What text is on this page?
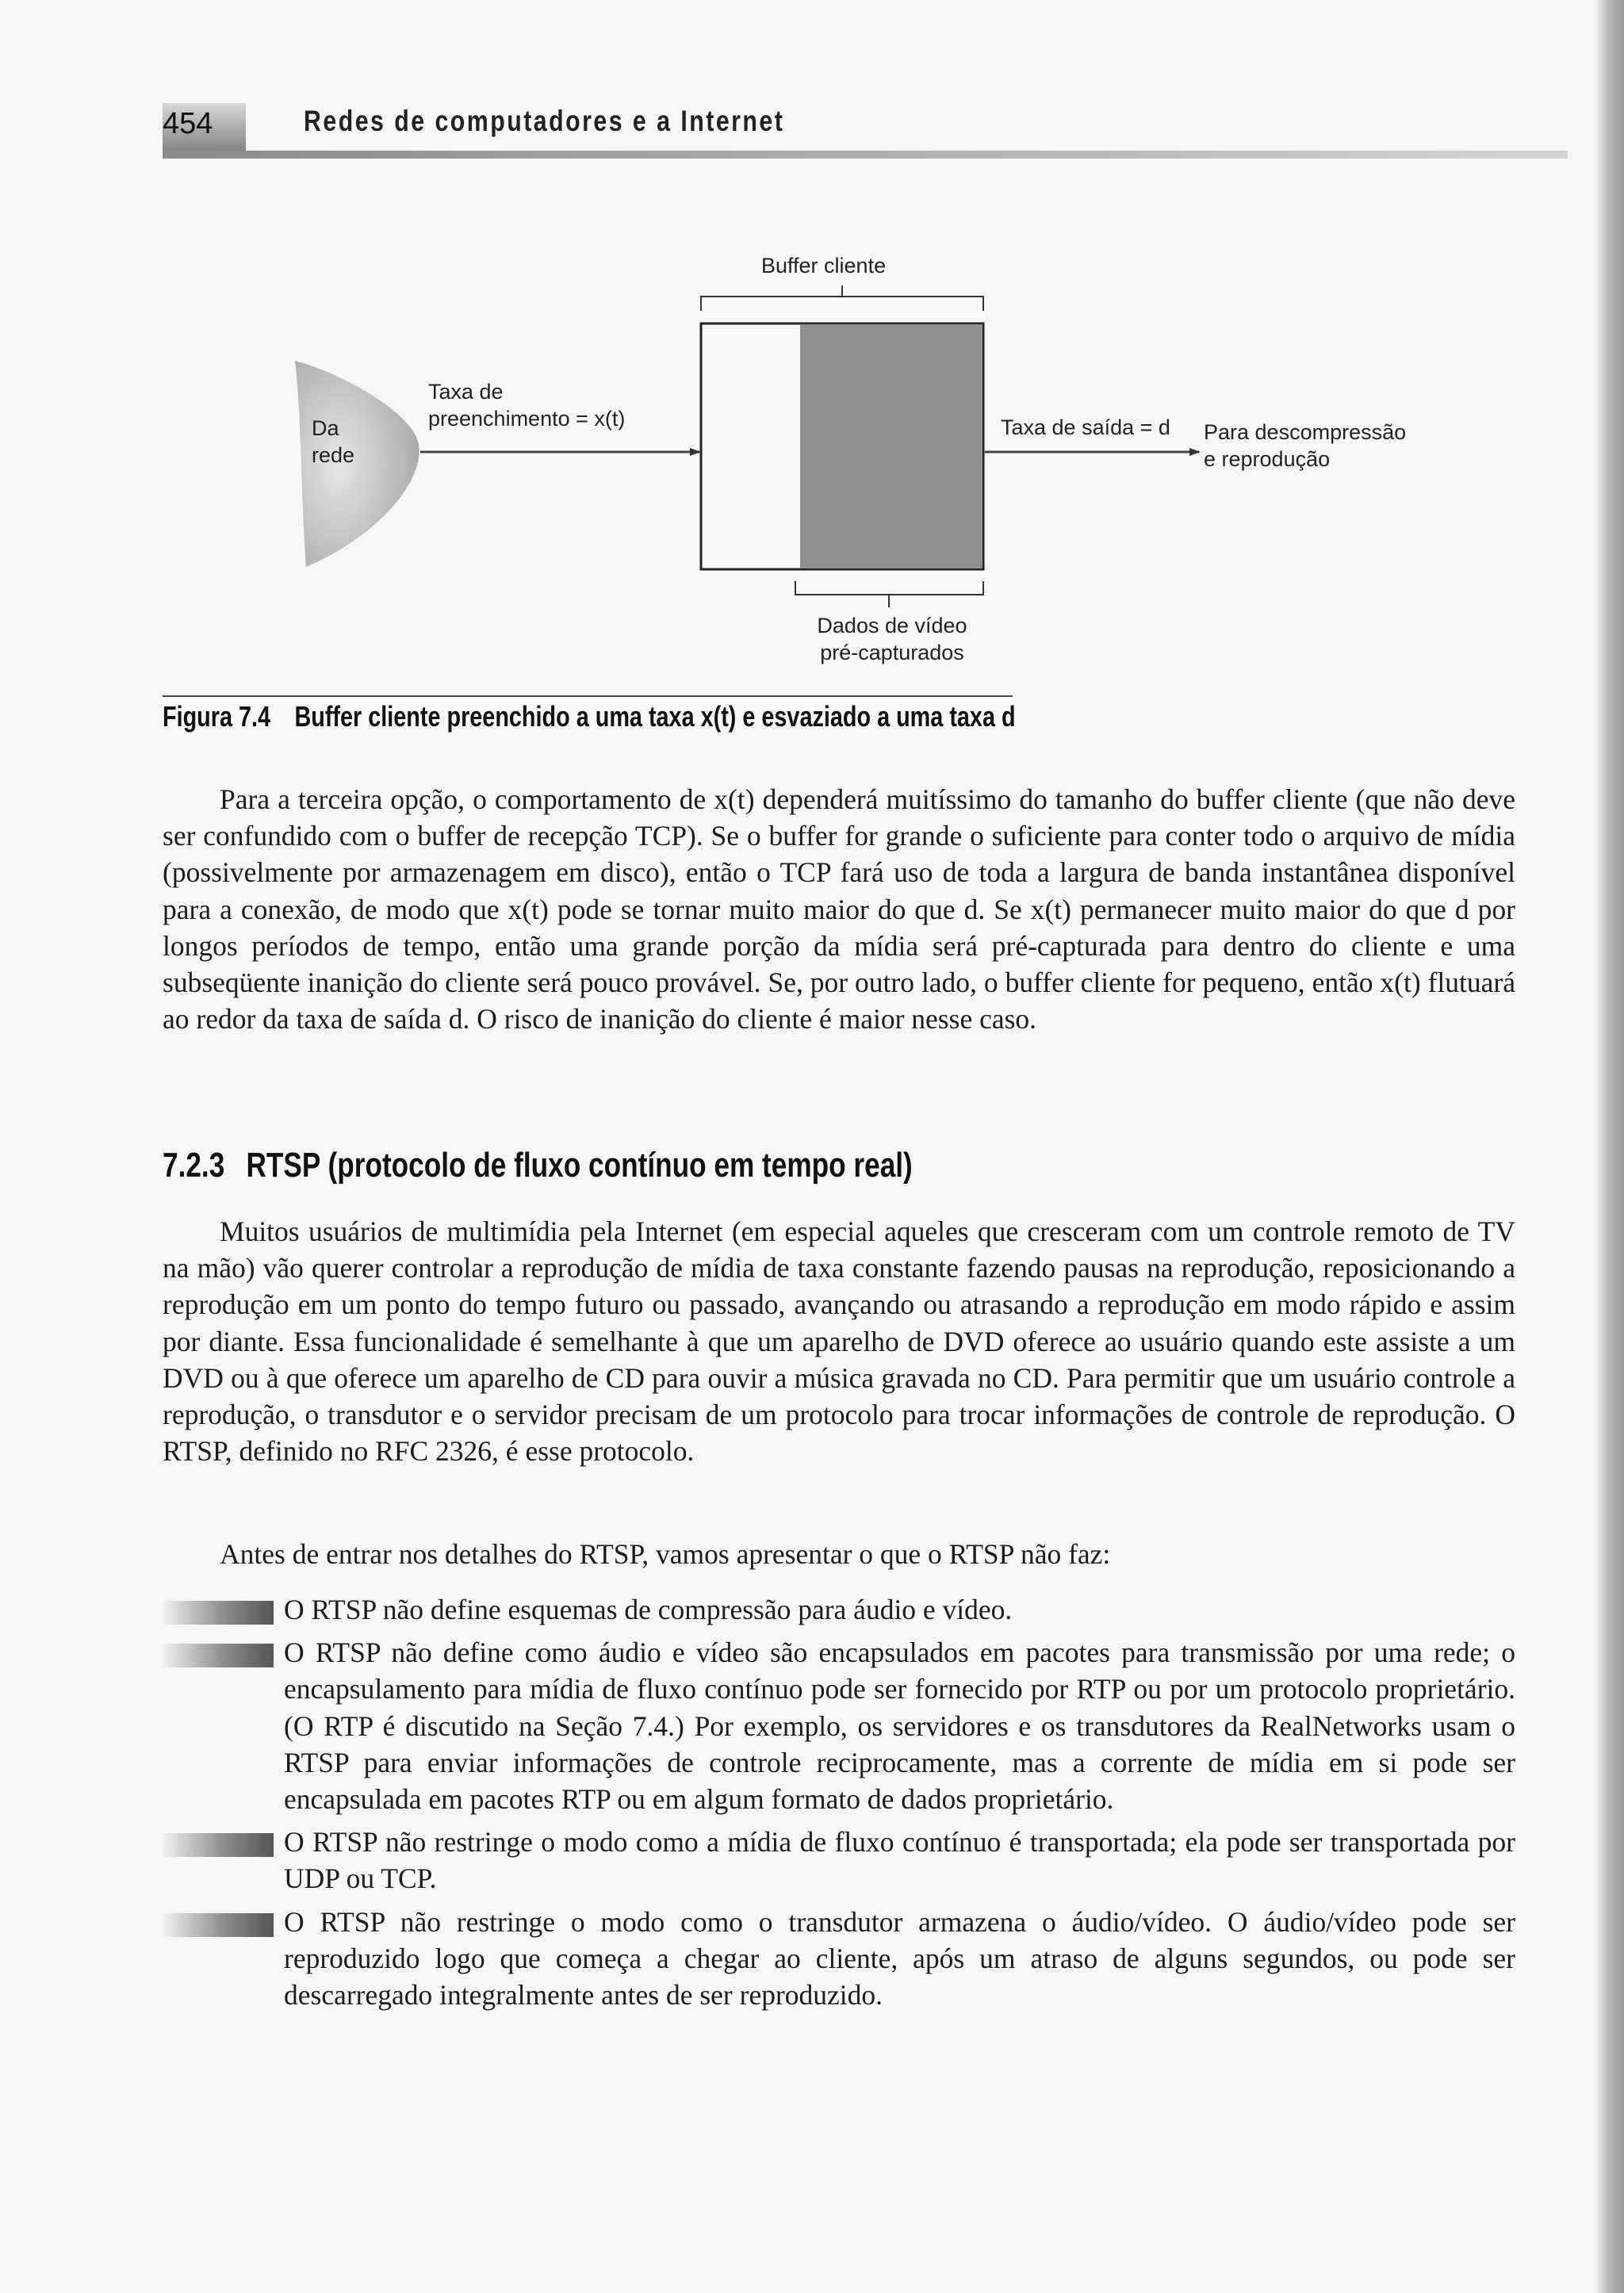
454	Redes de computadores e a Internet
Buffer cliente
Da
rede
Taxa de
preenchimento = x(t)	Taxa de saída = d Para descompressão
e reprodução
Dados de vídeo
pré-capturados
Figura 7.4 Buffer cliente preenchido a uma taxa x(t) e esvaziado a uma taxa d

Para a terceira opção, o comportamento de x(t) dependerá muitíssimo do tamanho do buffer cliente (que não deve ser confundido com o buffer de recepção TCP). Se o buffer for grande o suficiente para conter todo o arquivo de mídia (possivelmente por armazenagem em disco), então o TCP fará uso de toda a largura de banda instantânea disponível para a conexão, de modo que x(t) pode se tornar muito maior do que d. Se x(t) permanecer muito maior do que d por longos períodos de tempo, então uma grande porção da mídia será pré-capturada para dentro do cliente e uma subseqüente inanição do cliente será pouco provável. Se, por outro lado, o buffer cliente for pequeno, então x(t) flutuará ao redor da taxa de saída d. O risco de inanição do cliente é maior nesse caso.

7.2.3 RTSP (protocolo de fluxo contínuo em tempo real)

Muitos usuários de multimídia pela Internet (em especial aqueles que cresceram com um controle remoto de TV na mão) vão querer controlar a reprodução de mídia de taxa constante fazendo pausas na reprodução, reposicionando a reprodução em um ponto do tempo futuro ou passado, avançando ou atrasando a reprodução em modo rápido e assim por diante. Essa funcionalidade é semelhante à que um aparelho de DVD oferece ao usuário quando este assiste a um DVD ou à que oferece um aparelho de CD para ouvir a música gravada no CD. Para permitir que um usuário controle a reprodução, o transdutor e o servidor precisam de um protocolo para trocar informações de controle de reprodução. O RTSP, definido no RFC 2326, é esse protocolo.

Antes de entrar nos detalhes do RTSP, vamos apresentar o que o RTSP não faz:

O RTSP não define esquemas de compressão para áudio e vídeo.
O RTSP não define como áudio e vídeo são encapsulados em pacotes para transmissão por uma rede; o encapsulamento para mídia de fluxo contínuo pode ser fornecido por RTP ou por um protocolo proprietário. (O RTP é discutido na Seção 7.4.) Por exemplo, os servidores e os transdutores da RealNetworks usam o RTSP para enviar informações de controle reciprocamente, mas a corrente de mídia em si pode ser encapsulada em pacotes RTP ou em algum formato de dados proprietário.
O RTSP não restringe o modo como a mídia de fluxo contínuo é transportada; ela pode ser transportada por UDP ou TCP.
O RTSP não restringe o modo como o transdutor armazena o áudio/vídeo. O áudio/vídeo pode ser reproduzido logo que começa a chegar ao cliente, após um atraso de alguns segundos, ou pode ser descarregado integralmente antes de ser reproduzido.
